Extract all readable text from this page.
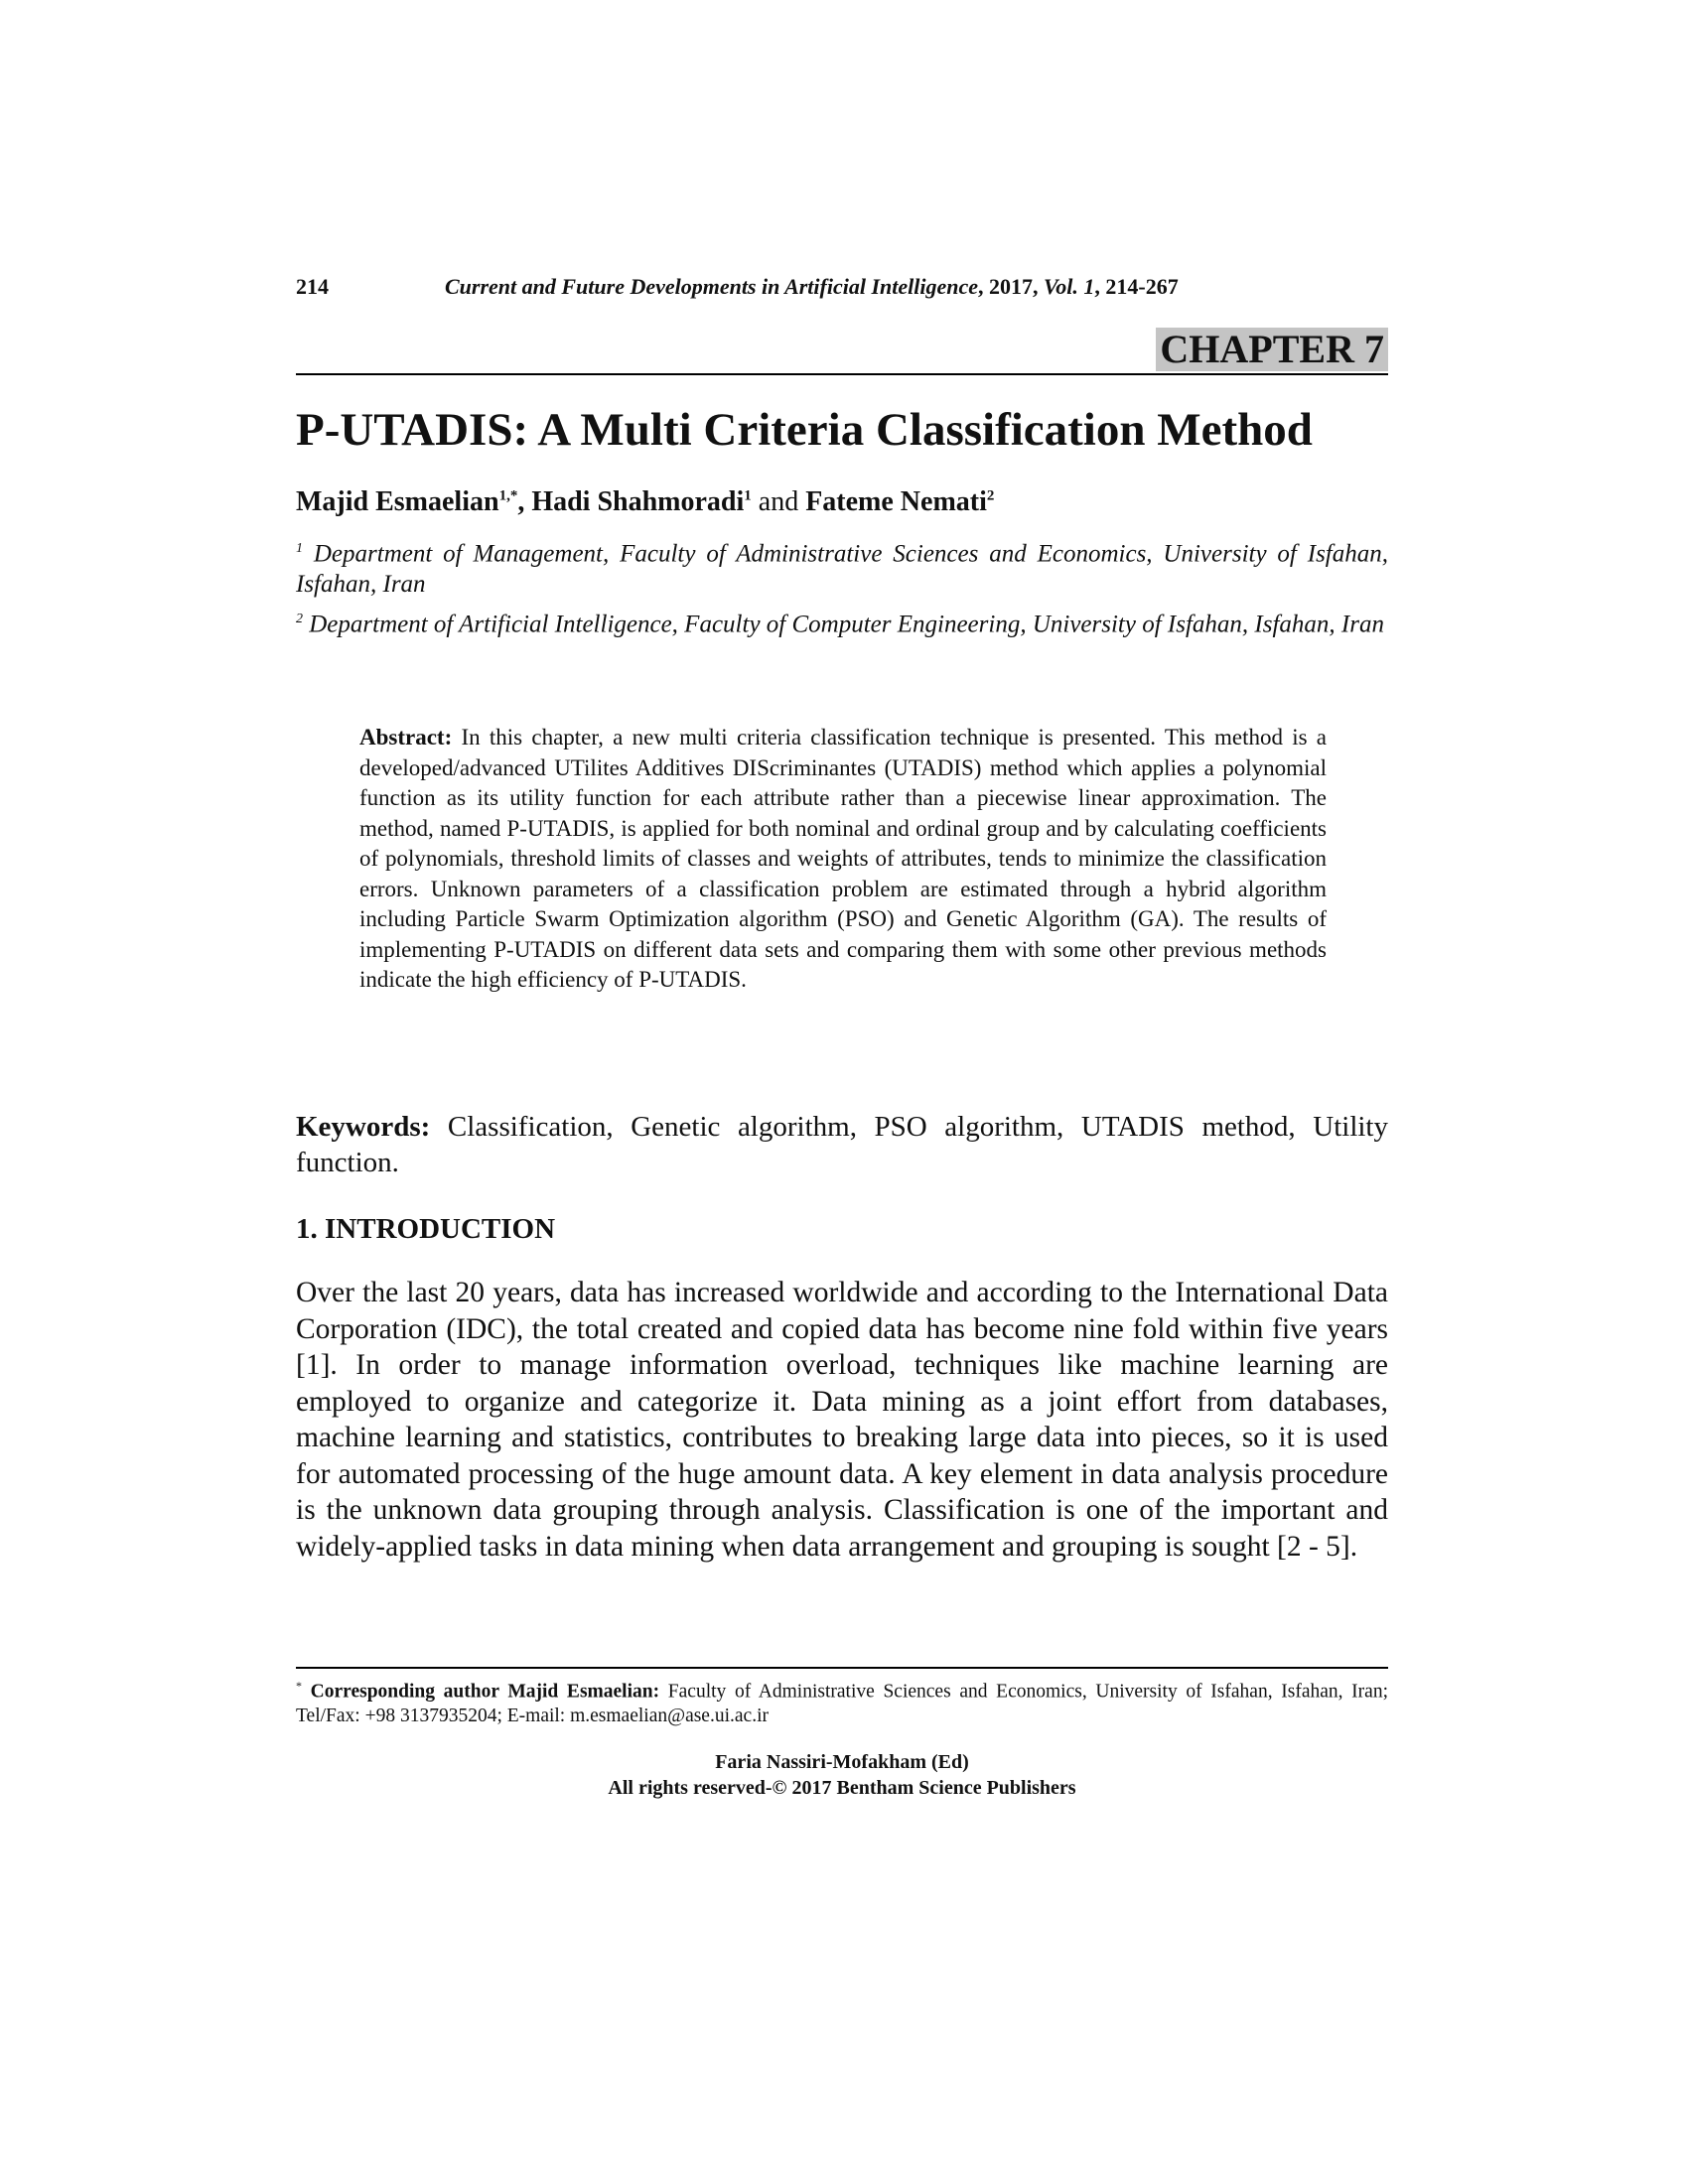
214	Current and Future Developments in Artificial Intelligence, 2017, Vol. 1, 214-267
CHAPTER 7
P-UTADIS: A Multi Criteria Classification Method
Majid Esmaelian$^{1,*}$, Hadi Shahmoradi$^1$ and Fateme Nemati$^2$
$^1$ Department of Management, Faculty of Administrative Sciences and Economics, University of Isfahan, Isfahan, Iran
$^2$ Department of Artificial Intelligence, Faculty of Computer Engineering, University of Isfahan, Isfahan, Iran
Abstract: In this chapter, a new multi criteria classification technique is presented. This method is a developed/advanced UTilites Additives DIScriminantes (UTADIS) method which applies a polynomial function as its utility function for each attribute rather than a piecewise linear approximation. The method, named P-UTADIS, is applied for both nominal and ordinal group and by calculating coefficients of polynomials, threshold limits of classes and weights of attributes, tends to minimize the classification errors. Unknown parameters of a classification problem are estimated through a hybrid algorithm including Particle Swarm Optimization algorithm (PSO) and Genetic Algorithm (GA). The results of implementing P-UTADIS on different data sets and comparing them with some other previous methods indicate the high efficiency of P-UTADIS.
Keywords: Classification, Genetic algorithm, PSO algorithm, UTADIS method, Utility function.
1. INTRODUCTION
Over the last 20 years, data has increased worldwide and according to the International Data Corporation (IDC), the total created and copied data has become nine fold within five years [1]. In order to manage information overload, techniques like machine learning are employed to organize and categorize it. Data mining as a joint effort from databases, machine learning and statistics, contributes to breaking large data into pieces, so it is used for automated processing of the huge amount data. A key element in data analysis procedure is the unknown data grouping through analysis. Classification is one of the important and widely-applied tasks in data mining when data arrangement and grouping is sought [2 - 5].
* Corresponding author Majid Esmaelian: Faculty of Administrative Sciences and Economics, University of Isfahan, Isfahan, Iran; Tel/Fax: +98 3137935204; E-mail: m.esmaelian@ase.ui.ac.ir
Faria Nassiri-Mofakham (Ed)
All rights reserved-© 2017 Bentham Science Publishers
